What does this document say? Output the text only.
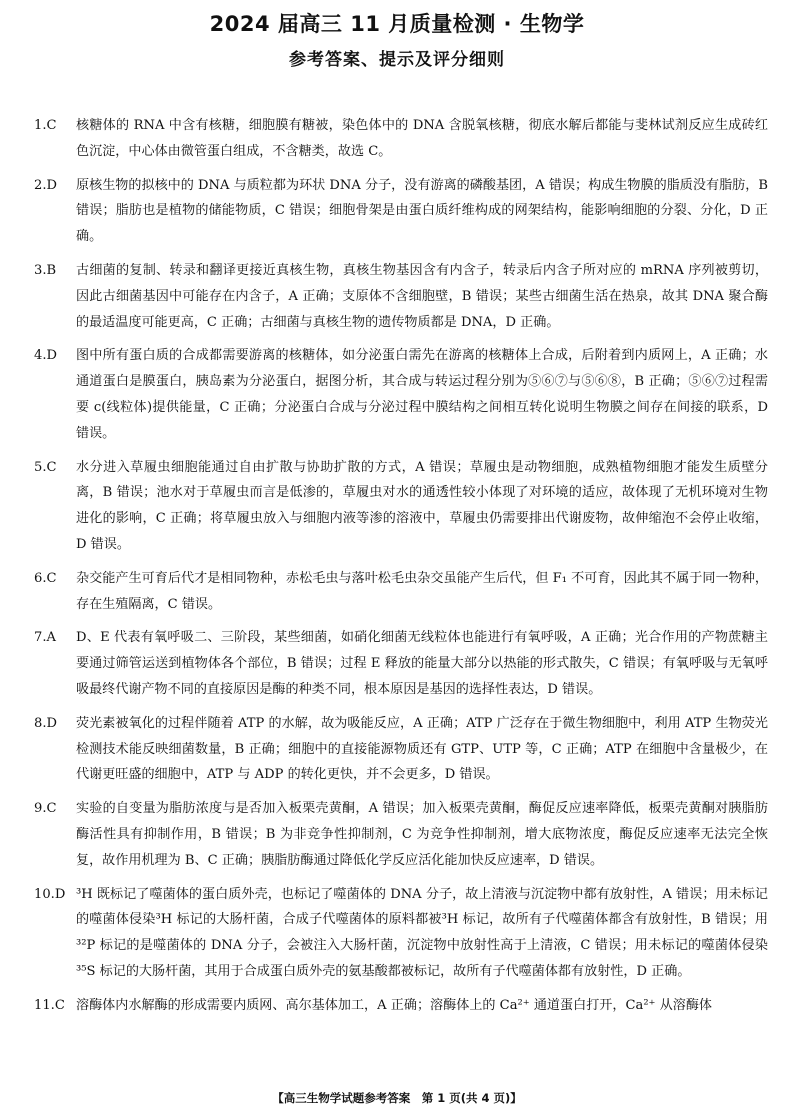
2024 届高三 11 月质量检测 · 生物学
参考答案、提示及评分细则
1.C 核糖体的 RNA 中含有核糖，细胞膜有糖被，染色体中的 DNA 含脱氧核糖，彻底水解后都能与斐林试剂反应生成砖红色沉淀，中心体由微管蛋白组成，不含糖类，故选 C。
2.D 原核生物的拟核中的 DNA 与质粒都为环状 DNA 分子，没有游离的磷酸基团，A 错误；构成生物膜的脂质没有脂肪，B 错误；脂肪也是植物的储能物质，C 错误；细胞骨架是由蛋白质纤维构成的网架结构，能影响细胞的分裂、分化，D 正确。
3.B 古细菌的复制、转录和翻译更接近真核生物，真核生物基因含有内含子，转录后内含子所对应的 mRNA 序列被剪切，因此古细菌基因中可能存在内含子，A 正确；支原体不含细胞壁，B 错误；某些古细菌生活在热泉，故其 DNA 聚合酶的最适温度可能更高，C 正确；古细菌与真核生物的遗传物质都是 DNA，D 正确。
4.D 图中所有蛋白质的合成都需要游离的核糖体，如分泌蛋白需先在游离的核糖体上合成，后附着到内质网上，A 正确；水通道蛋白是膜蛋白，胰岛素为分泌蛋白，据图分析，其合成与转运过程分别为⑤⑥⑦与⑤⑥⑧，B 正确；⑤⑥⑦过程需要 c(线粒体)提供能量，C 正确；分泌蛋白合成与分泌过程中膜结构之间相互转化说明生物膜之间存在间接的联系，D 错误。
5.C 水分进入草履虫细胞能通过自由扩散与协助扩散的方式，A 错误；草履虫是动物细胞，成熟植物细胞才能发生质壁分离，B 错误；池水对于草履虫而言是低渗的，草履虫对水的通透性较小体现了对环境的适应，故体现了无机环境对生物进化的影响，C 正确；将草履虫放入与细胞内液等渗的溶液中，草履虫仍需要排出代谢废物，故伸缩泡不会停止收缩，D 错误。
6.C 杂交能产生可育后代才是相同物种，赤松毛虫与落叶松毛虫杂交虽能产生后代，但 F₁ 不可育，因此其不属于同一物种，存在生殖隔离，C 错误。
7.A D、E 代表有氧呼吸二、三阶段，某些细菌，如硝化细菌无线粒体也能进行有氧呼吸，A 正确；光合作用的产物蔗糖主要通过筛管运送到植物体各个部位，B 错误；过程 E 释放的能量大部分以热能的形式散失，C 错误；有氧呼吸与无氧呼吸最终代谢产物不同的直接原因是酶的种类不同，根本原因是基因的选择性表达，D 错误。
8.D 荧光素被氧化的过程伴随着 ATP 的水解，故为吸能反应，A 正确；ATP 广泛存在于微生物细胞中，利用 ATP 生物荧光检测技术能反映细菌数量，B 正确；细胞中的直接能源物质还有 GTP、UTP 等，C 正确；ATP 在细胞中含量极少，在代谢更旺盛的细胞中，ATP 与 ADP 的转化更快，并不会更多，D 错误。
9.C 实验的自变量为脂肪浓度与是否加入板栗壳黄酮，A 错误；加入板栗壳黄酮，酶促反应速率降低，板栗壳黄酮对胰脂肪酶活性具有抑制作用，B 错误；B 为非竞争性抑制剂，C 为竞争性抑制剂，增大底物浓度，酶促反应速率无法完全恢复，故作用机理为 B、C 正确；胰脂肪酶通过降低化学反应活化能加快反应速率，D 错误。
10.D ³H 既标记了噬菌体的蛋白质外壳，也标记了噬菌体的 DNA 分子，故上清液与沉淀物中都有放射性，A 错误；用未标记的噬菌体侵染³H 标记的大肠杆菌，合成子代噬菌体的原料都被³H 标记，故所有子代噬菌体都含有放射性，B 错误；用³²P 标记的是噬菌体的 DNA 分子，会被注入大肠杆菌，沉淀物中放射性高于上清液，C 错误；用未标记的噬菌体侵染³⁵S 标记的大肠杆菌，其用于合成蛋白质外壳的氨基酸都被标记，故所有子代噬菌体都有放射性，D 正确。
11.C 溶酶体内水解酶的形成需要内质网、高尔基体加工，A 正确；溶酶体上的 Ca²⁺ 通道蛋白打开，Ca²⁺ 从溶酶体
【高三生物学试题参考答案　第 1 页(共 4 页)】
